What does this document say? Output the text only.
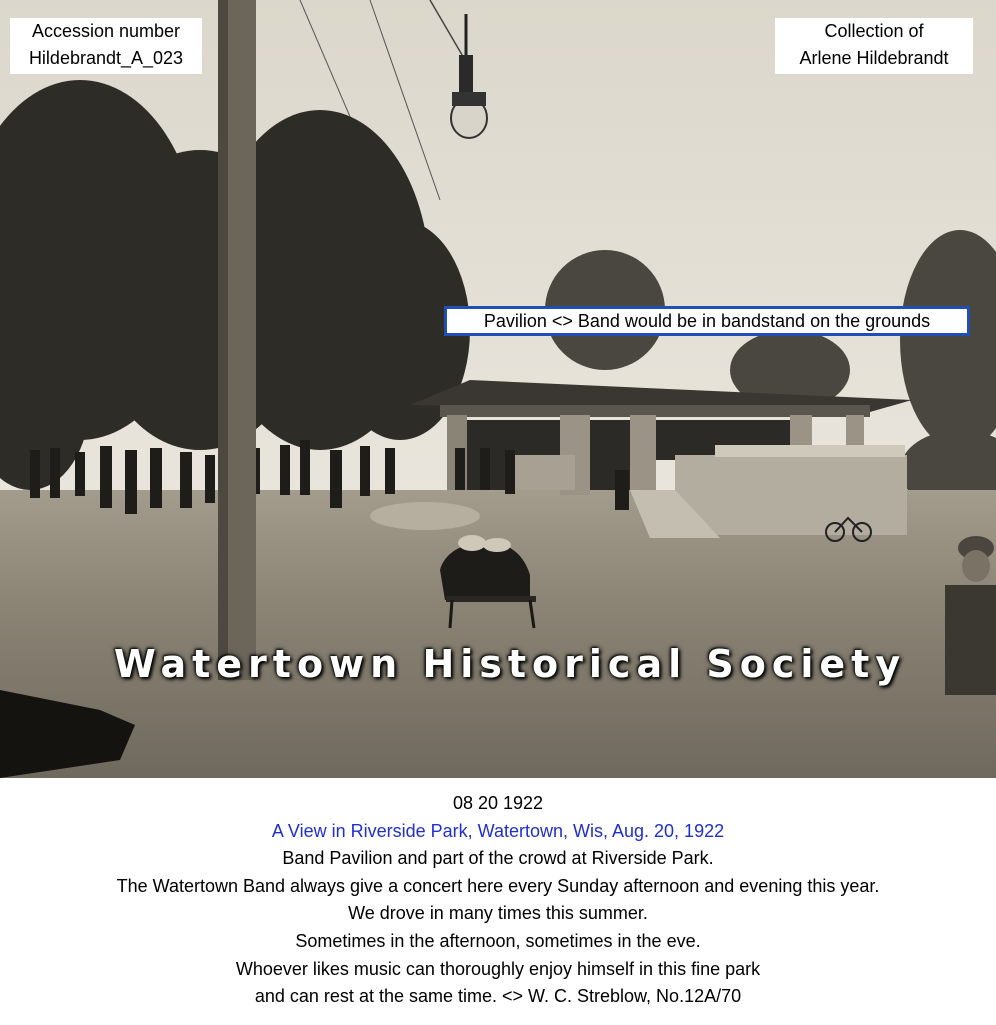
Accession number
Hildebrandt_A_023
Collection of
Arlene Hildebrandt
Pavilion <> Band would be in bandstand on the grounds
Watertown Historical Society
08 20 1922
A View in Riverside Park, Watertown, Wis, Aug. 20, 1922
Band Pavilion and part of the crowd at Riverside Park.
The Watertown Band always give a concert here every Sunday afternoon and evening this year.
We drove in many times this summer.
Sometimes in the afternoon, sometimes in the eve.
Whoever likes music can thoroughly enjoy himself in this fine park
and can rest at the same time. <> W. C. Streblow, No.12A/70
